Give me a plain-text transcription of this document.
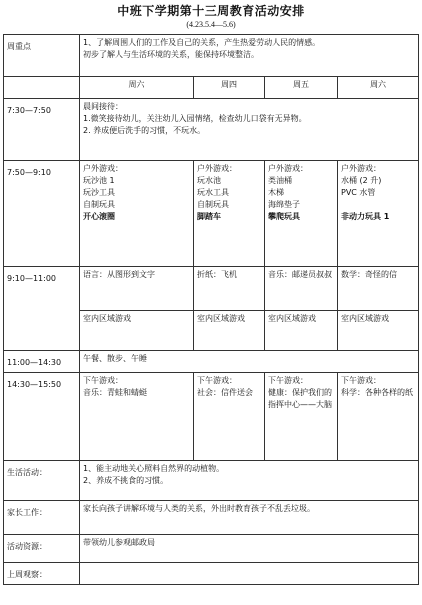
中班下学期第十三周教育活动安排
(4.23.5.4—5.6)
周重点	1、了解周围人们的工作及自己的关系，产生热爱劳动人民的情感。
初步了解人与生活环境的关系，能保持环境整洁。			

	周六	周四	周五	周六
7:30—7:50	晨间接待：
1.微笑接待幼儿，关注幼儿入园情绪，检查幼儿口袋有无异物。
2. 养成便后洗手的习惯，不玩水。			

7:50—9:10	户外游戏：
玩沙池 1
玩沙工具
自制玩具
开心滚圈	户外游戏：
玩水池
玩水工具
自制玩具
脚踏车	户外游戏：
类油桶
木梯
海绵垫子
攀爬玩具	户外游戏：
水桶 (2 升)
PVC 水管
非动力玩具 1

9:10—11:00	语言：从图形到文字	折纸：飞机	音乐：邮递员叔叔	数学：奇怪的信
	室内区域游戏	室内区域游戏	室内区域游戏	室内区域游戏
11:00—14:30	午餐、散步、午睡			
14:30—15:50	下午游戏：
音乐：青蛙和蜻蜓	下午游戏：
社会：信件送会	下午游戏：
健康：保护我们的指挥中心——大脑	下午游戏：
科学：各种各样的纸

生活活动：	1、能主动地关心照料自然界的动植物。
2、养成不挑食的习惯。			

家长工作：	家长向孩子讲解环境与人类的关系，外出时教育孩子不乱丢垃圾。			
活动资源：	带领幼儿参观邮政局			
上周观察：				
